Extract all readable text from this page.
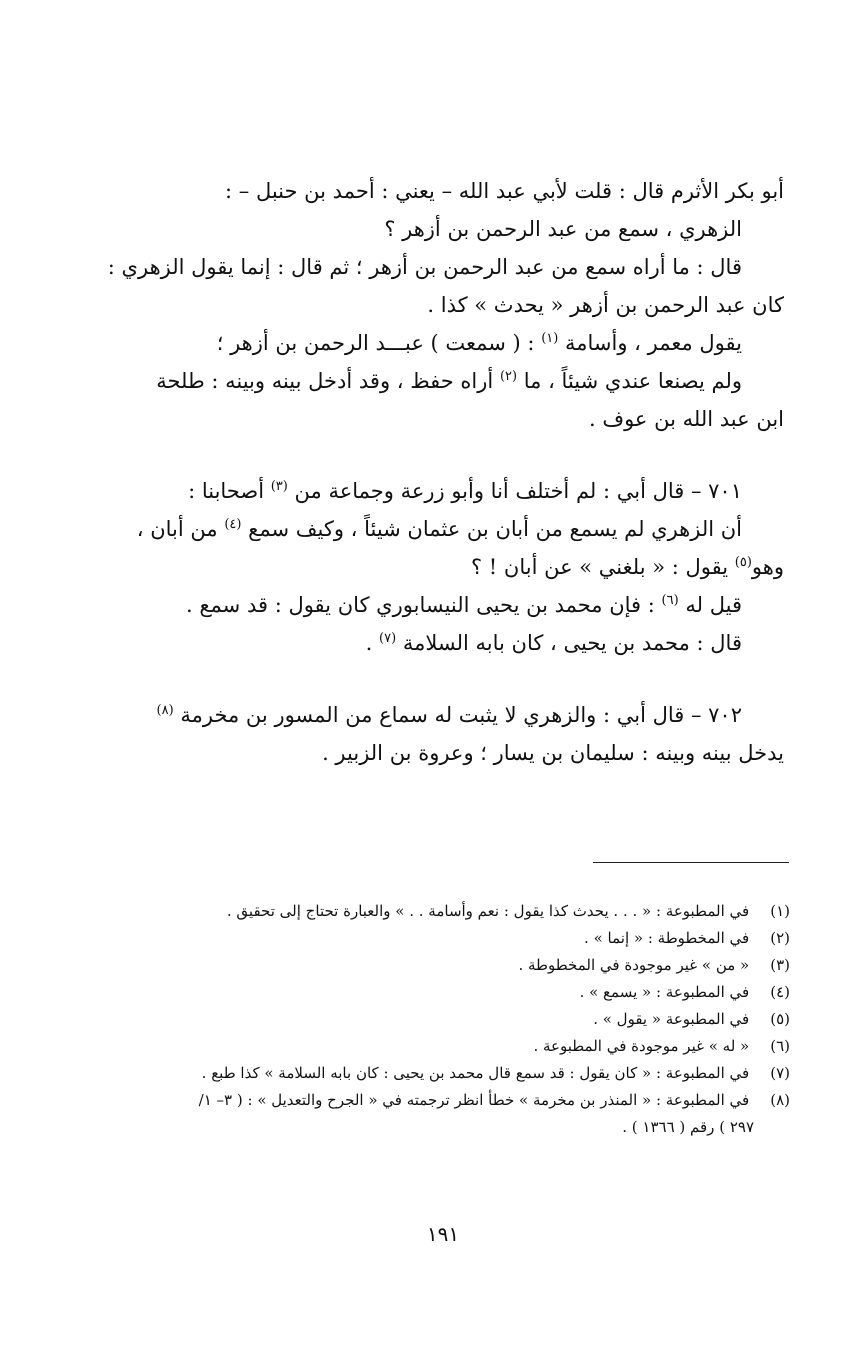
أبو بكر الأثرم قال : قلت لأبي عبد الله – يعني : أحمد بن حنبل – :
الزهري ، سمع من عبد الرحمن بن أزهر ؟
قال : ما أراه سمع من عبد الرحمن بن أزهر ؛ ثم قال : إنما يقول الزهري :
كان عبد الرحمن بن أزهر « يحدث » كذا .
يقول معمر ، وأسامة $^{(١)}$ : ( سمعت ) عبـــد الرحمن بن أزهر ؛
ولم يصنعا عندي شيئاً ، ما $^{(٢)}$ أراه حفظ ، وقد أدخل بينه وبينه : طلحة
ابن عبد الله بن عوف .
٧٠١ – قال أبي : لم أختلف أنا وأبو زرعة وجماعة من $^{(٣)}$ أصحابنا :
أن الزهري لم يسمع من أبان بن عثمان شيئاً ، وكيف سمع $^{(٤)}$ من أبان ،
وهو$^{(٥)}$ يقول : « بلغني » عن أبان ! ؟
قيل له $^{(٦)}$ : فإن محمد بن يحيى النيسابوري كان يقول : قد سمع .
قال : محمد بن يحيى ، كان بابه السلامة $^{(٧)}$ .
٧٠٢ – قال أبي : والزهري لا يثبت له سماع من المسور بن مخرمة $^{(٨)}$
يدخل بينه وبينه : سليمان بن يسار ؛ وعروة بن الزبير .
(١) في المطبوعة : « . . . يحدث كذا يقول : نعم وأسامة . . » والعبارة تحتاج إلى تحقيق .
(٢) في المخطوطة : « إنما » .
(٣) « من » غير موجودة في المخطوطة .
(٤) في المطبوعة : « يسمع » .
(٥) في المطبوعة « يقول » .
(٦) « له » غير موجودة في المطبوعة .
(٧) في المطبوعة : « كان يقول : قد سمع قال محمد بن يحيى : كان بابه السلامة » كذا طبع .
(٨) في المطبوعة : « المنذر بن مخرمة » خطأ انظر ترجمته في « الجرح والتعديل » : ( ٣– ١/
٢٩٧ ) رقم ( ١٣٦٦ ) .
١٩١
